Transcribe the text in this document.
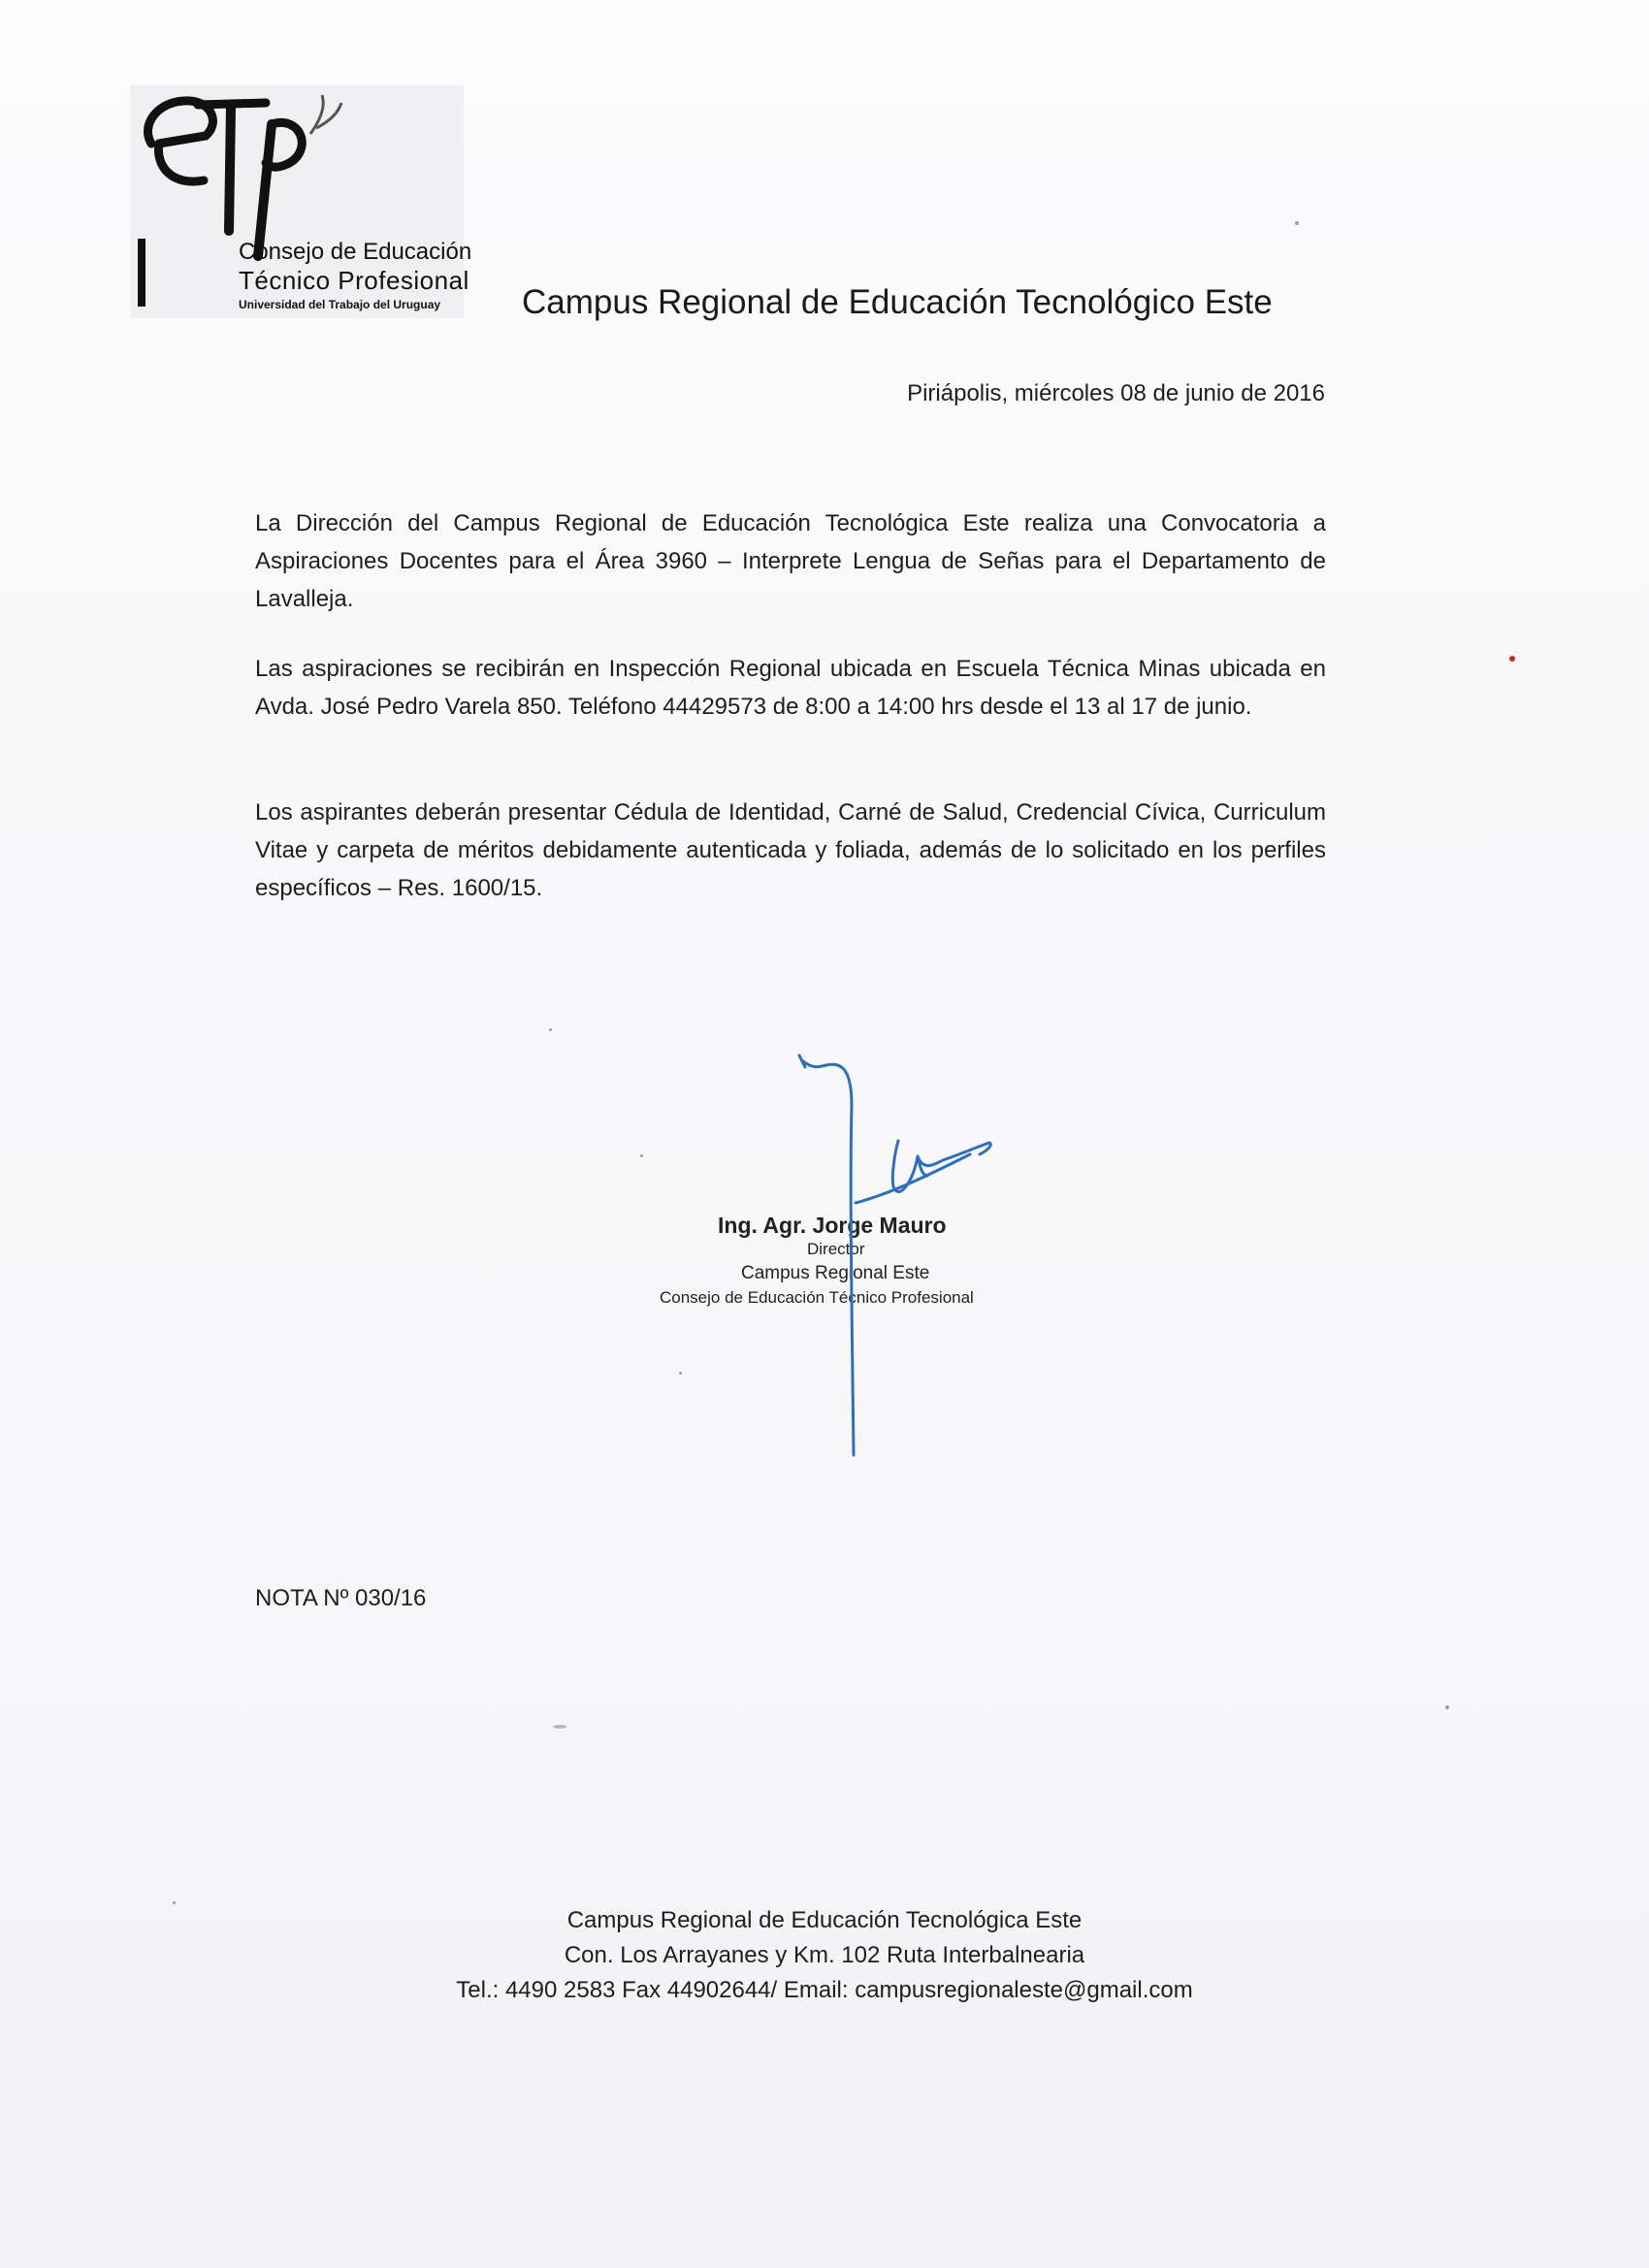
Consejo de Educación
Técnico Profesional
Universidad del Trabajo del Uruguay Campus Regional de Educación Tecnológico Este
Piriápolis, miércoles 08 de junio de 2016
La Dirección del Campus Regional de Educación Tecnológica Este realiza una Convocatoria a Aspiraciones Docentes para el Área 3960 – Interprete Lengua de Señas para el Departamento de Lavalleja.
Las aspiraciones se recibirán en Inspección Regional ubicada en Escuela Técnica Minas ubicada en Avda. José Pedro Varela 850. Teléfono 44429573 de 8:00 a 14:00 hrs desde el 13 al 17 de junio.
Los aspirantes deberán presentar Cédula de Identidad, Carné de Salud, Credencial Cívica, Curriculum Vitae y carpeta de méritos debidamente autenticada y foliada, además de lo solicitado en los perfiles específicos – Res. 1600/15.
Ing. Agr. Jorge Mauro
Director
Campus Regional Este
Consejo de Educación Técnico Profesional
NOTA Nº 030/16
Campus Regional de Educación Tecnológica Este
Con. Los Arrayanes y Km. 102 Ruta Interbalnearia
Tel.: 4490 2583 Fax 44902644/ Email: campusregionaleste@gmail.com
